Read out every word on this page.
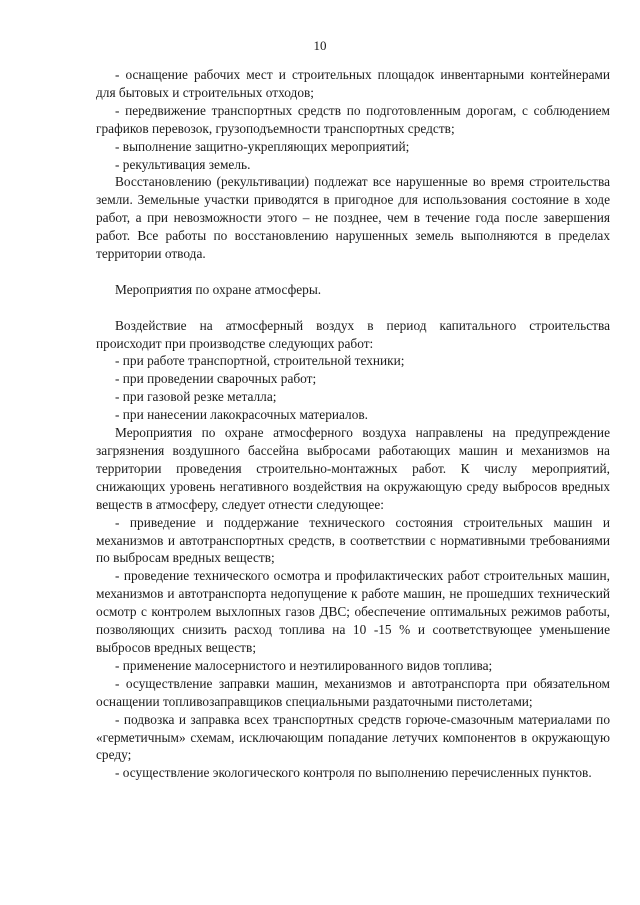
10

- оснащение рабочих мест и строительных площадок инвентарными контейнерами для бытовых и строительных отходов;

- передвижение транспортных средств по подготовленным дорогам, с соблюдением графиков перевозок, грузоподъемности транспортных средств;

- выполнение защитно-укрепляющих мероприятий;

- рекультивация земель.

Восстановлению (рекультивации) подлежат все нарушенные во время строительства земли. Земельные участки приводятся в пригодное для использования состояние в ходе работ, а при невозможности этого – не позднее, чем в течение года после завершения работ. Все работы по восстановлению нарушенных земель выполняются в пределах территории отвода.

Мероприятия по охране атмосферы.

Воздействие на атмосферный воздух в период капитального строительства происходит при производстве следующих работ:

- при работе транспортной, строительной техники;

- при проведении сварочных работ;

- при газовой резке металла;

- при нанесении лакокрасочных материалов.

Мероприятия по охране атмосферного воздуха направлены на предупреждение загрязнения воздушного бассейна выбросами работающих машин и механизмов на территории проведения строительно-монтажных работ. К числу мероприятий, снижающих уровень негативного воздействия на окружающую среду выбросов вредных веществ в атмосферу, следует отнести следующее:

- приведение и поддержание технического состояния строительных машин и механизмов и автотранспортных средств, в соответствии с нормативными требованиями по выбросам вредных веществ;

- проведение технического осмотра и профилактических работ строительных машин, механизмов и автотранспорта недопущение к работе машин, не прошедших технический осмотр с контролем выхлопных газов ДВС; обеспечение оптимальных режимов работы, позволяющих снизить расход топлива на 10 -15 % и соответствующее уменьшение выбросов вредных веществ;

- применение малосернистого и неэтилированного видов топлива;

- осуществление заправки машин, механизмов и автотранспорта при обязательном оснащении топливозаправщиков специальными раздаточными пистолетами;

- подвозка и заправка всех транспортных средств горюче-смазочным материалами по «герметичным» схемам, исключающим попадание летучих компонентов в окружающую среду;

- осуществление экологического контроля по выполнению перечисленных пунктов.
